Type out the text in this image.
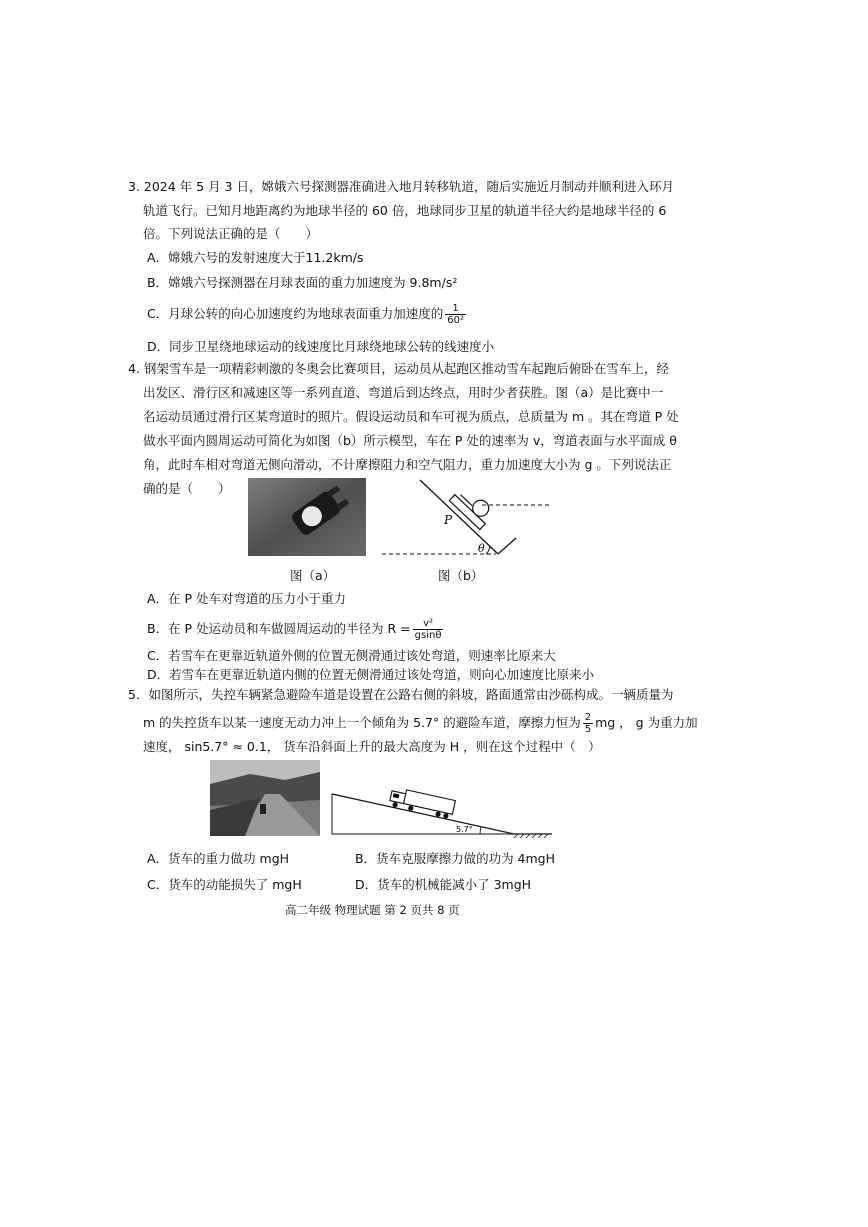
3. 2024 年 5 月 3 日，嫦娥六号探测器准确进入地月转移轨道，随后实施近月制动并顺利进入环月
轨道飞行。已知月地距离约为地球半径的 60 倍，地球同步卫星的轨道半径大约是地球半径的 6
倍。下列说法正确的是（　　）
A．嫦娥六号的发射速度大于11.2km/s
B．嫦娥六号探测器在月球表面的重力加速度为 9.8m/s²
C．月球公转的向心加速度约为地球表面重力加速度的 $\frac{1}{\text{60²}}$
D．同步卫星绕地球运动的线速度比月球绕地球公转的线速度小
4. 钢架雪车是一项精彩刺激的冬奥会比赛项目，运动员从起跑区推动雪车起跑后俯卧在雪车上，经
出发区、滑行区和减速区等一系列直道、弯道后到达终点，用时少者获胜。图（a）是比赛中一
名运动员通过滑行区某弯道时的照片。假设运动员和车可视为质点，总质量为 m 。其在弯道 P 处
做水平面内圆周运动可简化为如图（b）所示模型，车在 P 处的速率为 v，弯道表面与水平面成 θ
角，此时车相对弯道无侧向滑动，不计摩擦阻力和空气阻力，重力加速度大小为 g 。下列说法正
确的是（　　）
P
θ
图（a）	图（b）
A．在 P 处车对弯道的压力小于重力
B．在 P 处运动员和车做圆周运动的半径为 $R = \frac{\text{v²}}{gsin\theta}$
C．若雪车在更靠近轨道外侧的位置无侧滑通过该处弯道，则速率比原来大
D．若雪车在更靠近轨道内侧的位置无侧滑通过该处弯道，则向心加速度比原来小
5．如图所示，失控车辆紧急避险车道是设置在公路右侧的斜坡，路面通常由沙砾构成。一辆质量为
m 的失控货车以某一速度无动力冲上一个倾角为 5.7° 的避险车道，摩擦力恒为 $\frac{2}{5}$ mg ， g 为重力加
速度， sin5.7° ≈ 0.1， 货车沿斜面上升的最大高度为 H ，则在这个过程中（　）
5.7°
A．货车的重力做功 mgH	B．货车克服摩擦力做的功为 4mgH
C．货车的动能损失了 mgH	D．货车的机械能减小了 3mgH
高二年级 物理试题 第 2 页共 8 页
